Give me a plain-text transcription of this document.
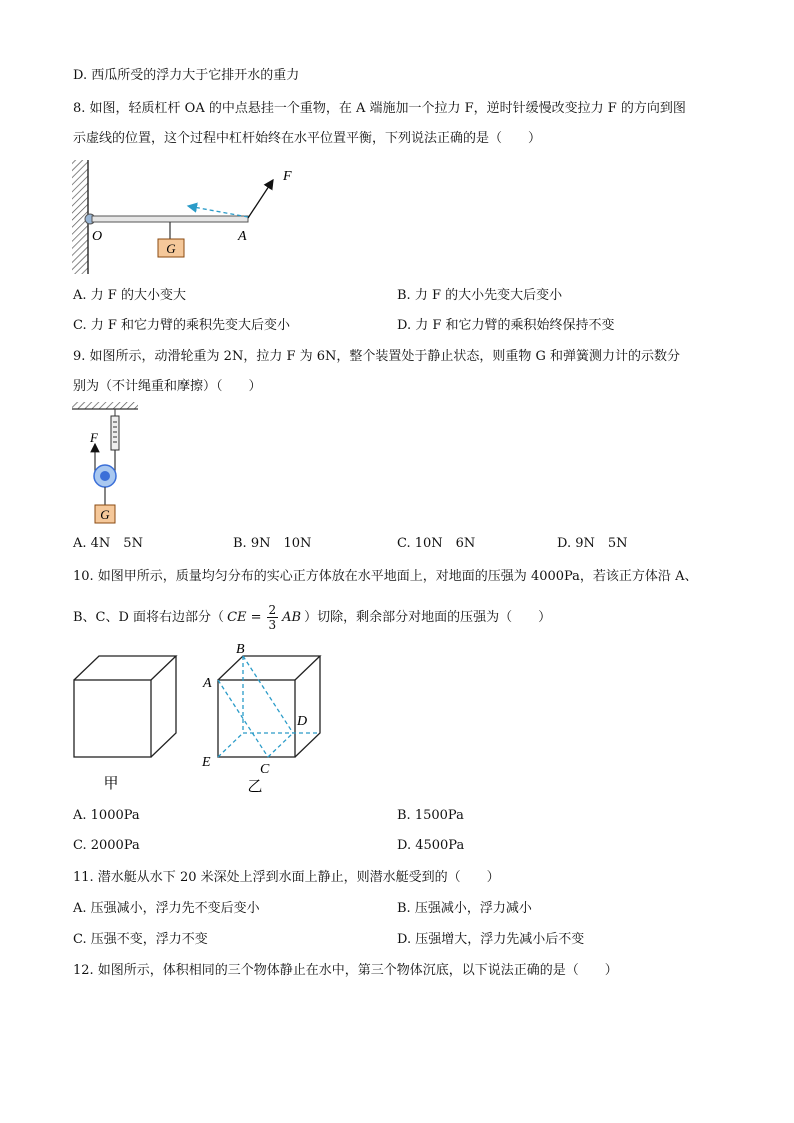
D. 西瓜所受的浮力大于它排开水的重力
8. 如图，轻质杠杆 OA 的中点悬挂一个重物，在 A 端施加一个拉力 F，逆时针缓慢改变拉力 F 的方向到图
示虚线的位置，这个过程中杠杆始终在水平位置平衡，下列说法正确的是（　　）
G
F
O	A
A. 力 F 的大小变大	B. 力 F 的大小先变大后变小
C. 力 F 和它力臂的乘积先变大后变小	D. 力 F 和它力臂的乘积始终保持不变
9. 如图所示，动滑轮重为 2N，拉力 F 为 6N，整个装置处于静止状态，则重物 G 和弹簧测力计的示数分
别为（不计绳重和摩擦）（　　）
F
G
A. 4N　5N	B. 9N　10N	C. 10N　6N	D. 9N　5N
10. 如图甲所示，质量均匀分布的实心正方体放在水平地面上，对地面的压强为 4000Pa，若该正方体沿 A、
B、C、D 面将右边部分（ CE = $\frac{2}{3}$ AB ）切除，剩余部分对地面的压强为（　　）
甲
B
A
D
E	C
乙
A. 1000Pa	B. 1500Pa
C. 2000Pa	D. 4500Pa
11. 潜水艇从水下 20 米深处上浮到水面上静止，则潜水艇受到的（　　）
A. 压强减小，浮力先不变后变小	B. 压强减小，浮力减小
C. 压强不变，浮力不变	D. 压强增大，浮力先减小后不变
12. 如图所示，体积相同的三个物体静止在水中，第三个物体沉底，以下说法正确的是（　　）
